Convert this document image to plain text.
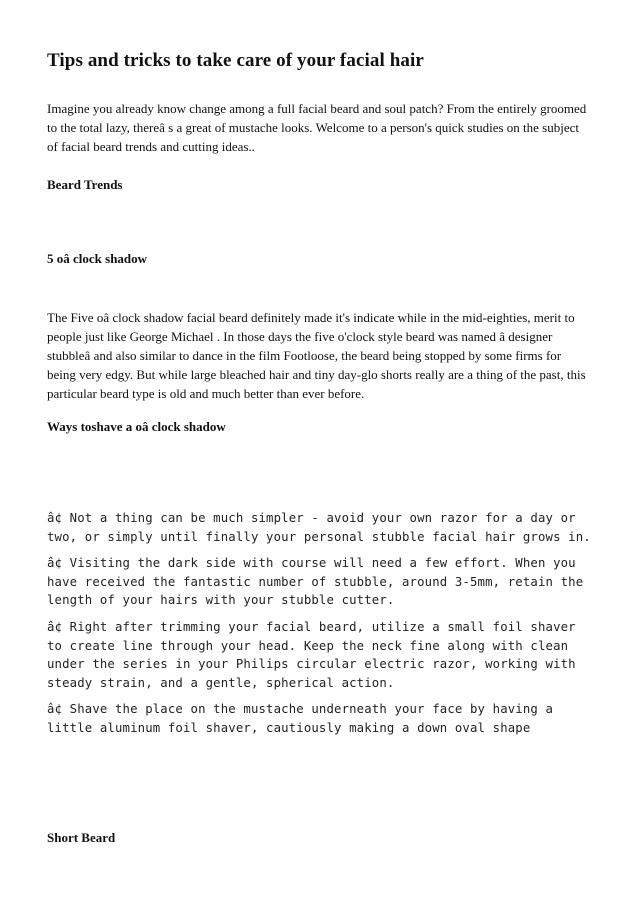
Tips and tricks to take care of your facial hair

Imagine you already know change among a full facial beard and soul patch? From the entirely groomed to the total lazy, thereâ s a great of mustache looks. Welcome to a person's quick studies on the subject of facial beard trends and cutting ideas..

Beard Trends

5 oâ clock shadow

The Five oâ clock shadow facial beard definitely made it's indicate while in the mid-eighties, merit to people just like George Michael . In those days the five o'clock style beard was named â designer stubbleâ and also similar to dance in the film Footloose, the beard being stopped by some firms for being very edgy. But while large bleached hair and tiny day-glo shorts really are a thing of the past, this particular beard type is old and much better than ever before.

Ways toshave a oâ clock shadow

â¢ Not a thing can be much simpler - avoid your own razor for a day or two, or simply until finally your personal stubble facial hair grows in.

â¢ Visiting the dark side with course will need a few effort. When you have received the fantastic number of stubble, around 3-5mm, retain the length of your hairs with your stubble cutter.

â¢ Right after trimming your facial beard, utilize a small foil shaver to create line through your head. Keep the neck fine along with clean under the series in your Philips circular electric razor, working with steady strain, and a gentle, spherical action.

â¢ Shave the place on the mustache underneath your face by having a little aluminum foil shaver, cautiously making a down oval shape

Short Beard
